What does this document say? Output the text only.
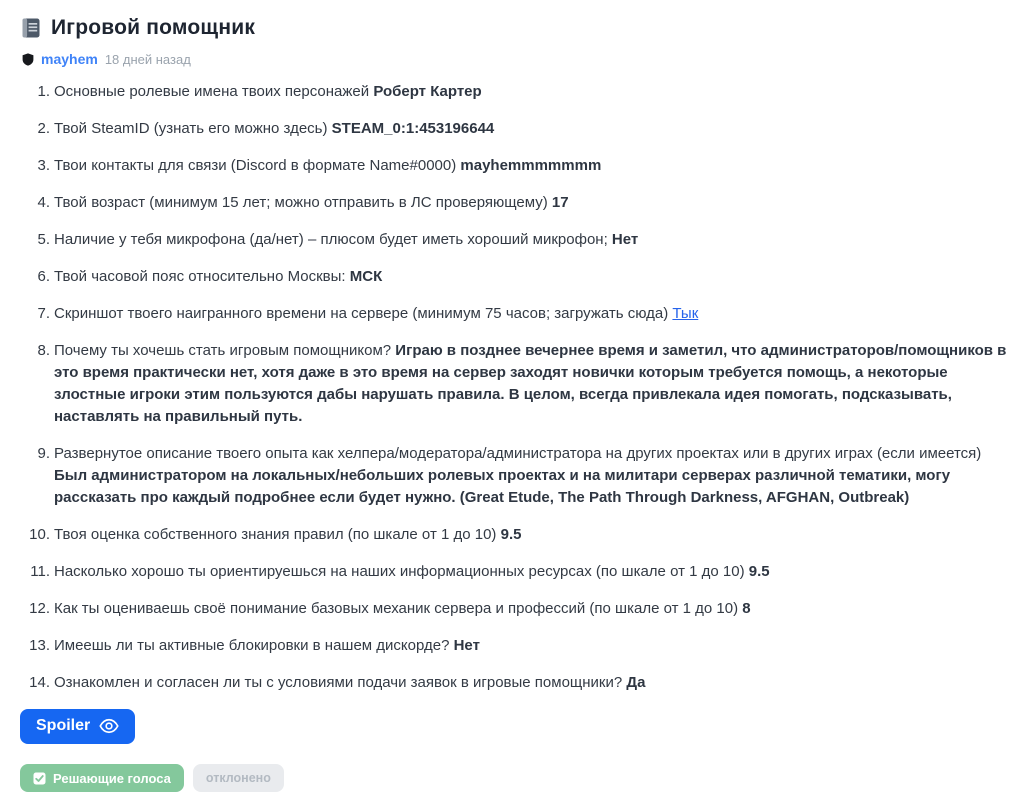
Игровой помощник
mayhem 18 дней назад
Основные ролевые имена твоих персонажей Роберт Картер
Твой SteamID (узнать его можно здесь) STEAM_0:1:453196644
Твои контакты для связи (Discord в формате Name#0000) mayhemmmmmmm
Твой возраст (минимум 15 лет; можно отправить в ЛС проверяющему) 17
Наличие у тебя микрофона (да/нет) – плюсом будет иметь хороший микрофон; Нет
Твой часовой пояс относительно Москвы: МСК
Скриншот твоего наигранного времени на сервере (минимум 75 часов; загружать сюда) Тык
Почему ты хочешь стать игровым помощником? Играю в позднее вечернее время и заметил, что администраторов/помощников в это время практически нет, хотя даже в это время на сервер заходят новички которым требуется помощь, а некоторые злостные игроки этим пользуются дабы нарушать правила. В целом, всегда привлекала идея помогать, подсказывать, наставлять на правильный путь.
Развернутое описание твоего опыта как хелпера/модератора/администратора на других проектах или в других играх (если имеется) Был администратором на локальных/небольших ролевых проектах и на милитари серверах различной тематики, могу рассказать про каждый подробнее если будет нужно. (Great Etude, The Path Through Darkness, AFGHAN, Outbreak)
Твоя оценка собственного знания правил (по шкале от 1 до 10) 9.5
Насколько хорошо ты ориентируешься на наших информационных ресурсах (по шкале от 1 до 10) 9.5
Как ты оцениваешь своё понимание базовых механик сервера и профессий (по шкале от 1 до 10) 8
Имеешь ли ты активные блокировки в нашем дискорде? Нет
Ознакомлен и согласен ли ты с условиями подачи заявок в игровые помощники? Да
Spoiler
Решающие голоса	отклонено
